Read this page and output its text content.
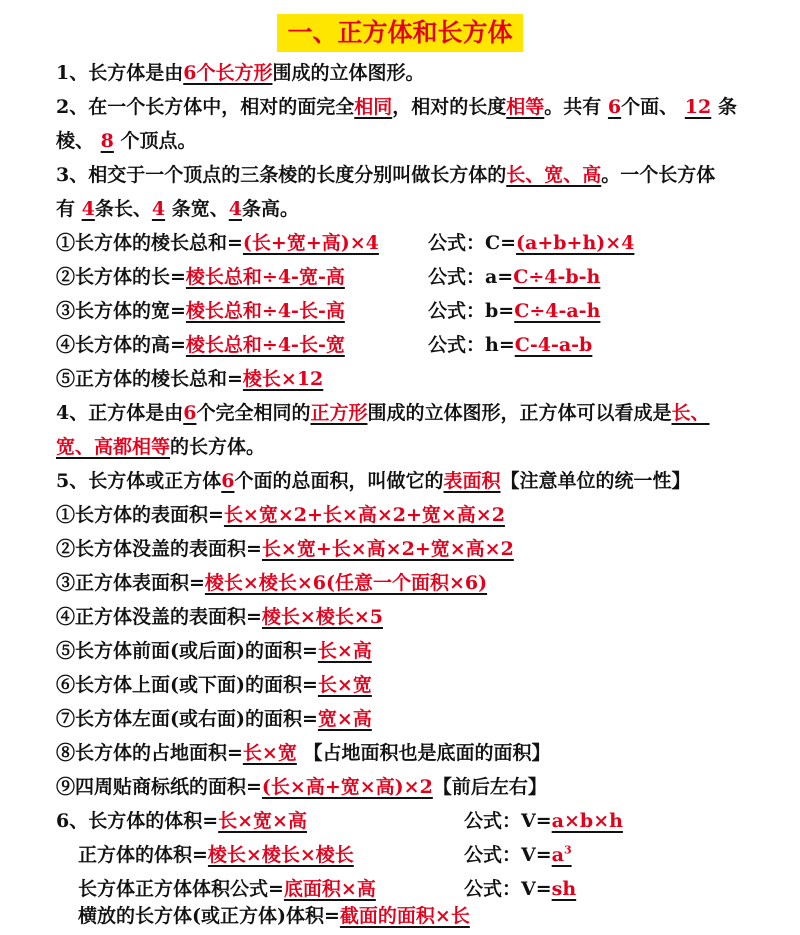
一、正方体和长方体
1、长方体是由6个长方形围成的立体图形。
2、在一个长方体中，相对的面完全相同，相对的长度相等。共有 6个面、 12 条
棱、 8 个顶点。
3、相交于一个顶点的三条棱的长度分别叫做长方体的长、宽、高。一个长方体
有 4条长、4 条宽、4条高。
①长方体的棱长总和=(长+宽+高)×4	公式：C=(a+b+h)×4
②长方体的长=棱长总和÷4-宽-高	公式：a=C÷4-b-h
③长方体的宽=棱长总和÷4-长-高	公式：b=C÷4-a-h
④长方体的高=棱长总和÷4-长-宽	公式：h=C-4-a-b
⑤正方体的棱长总和=棱长×12
4、正方体是由6个完全相同的正方形围成的立体图形，正方体可以看成是长、
宽、高都相等的长方体。
5、长方体或正方体6个面的总面积，叫做它的表面积【注意单位的统一性】
①长方体的表面积=长×宽×2+长×高×2+宽×高×2
②长方体没盖的表面积=长×宽+长×高×2+宽×高×2
③正方体表面积=棱长×棱长×6(任意一个面积×6)
④正方体没盖的表面积=棱长×棱长×5
⑤长方体前面(或后面)的面积=长×高
⑥长方体上面(或下面)的面积=长×宽
⑦长方体左面(或右面)的面积=宽×高
⑧长方体的占地面积=长×宽 【占地面积也是底面的面积】
⑨四周贴商标纸的面积=(长×高+宽×高)×2【前后左右】
6、长方体的体积=长×宽×高	公式：V=a×b×h
正方体的体积=棱长×棱长×棱长	公式：$V=a^3$
长方体正方体体积公式=底面积×高	公式：V=sh
横放的长方体(或正方体)体积=截面的面积×长
